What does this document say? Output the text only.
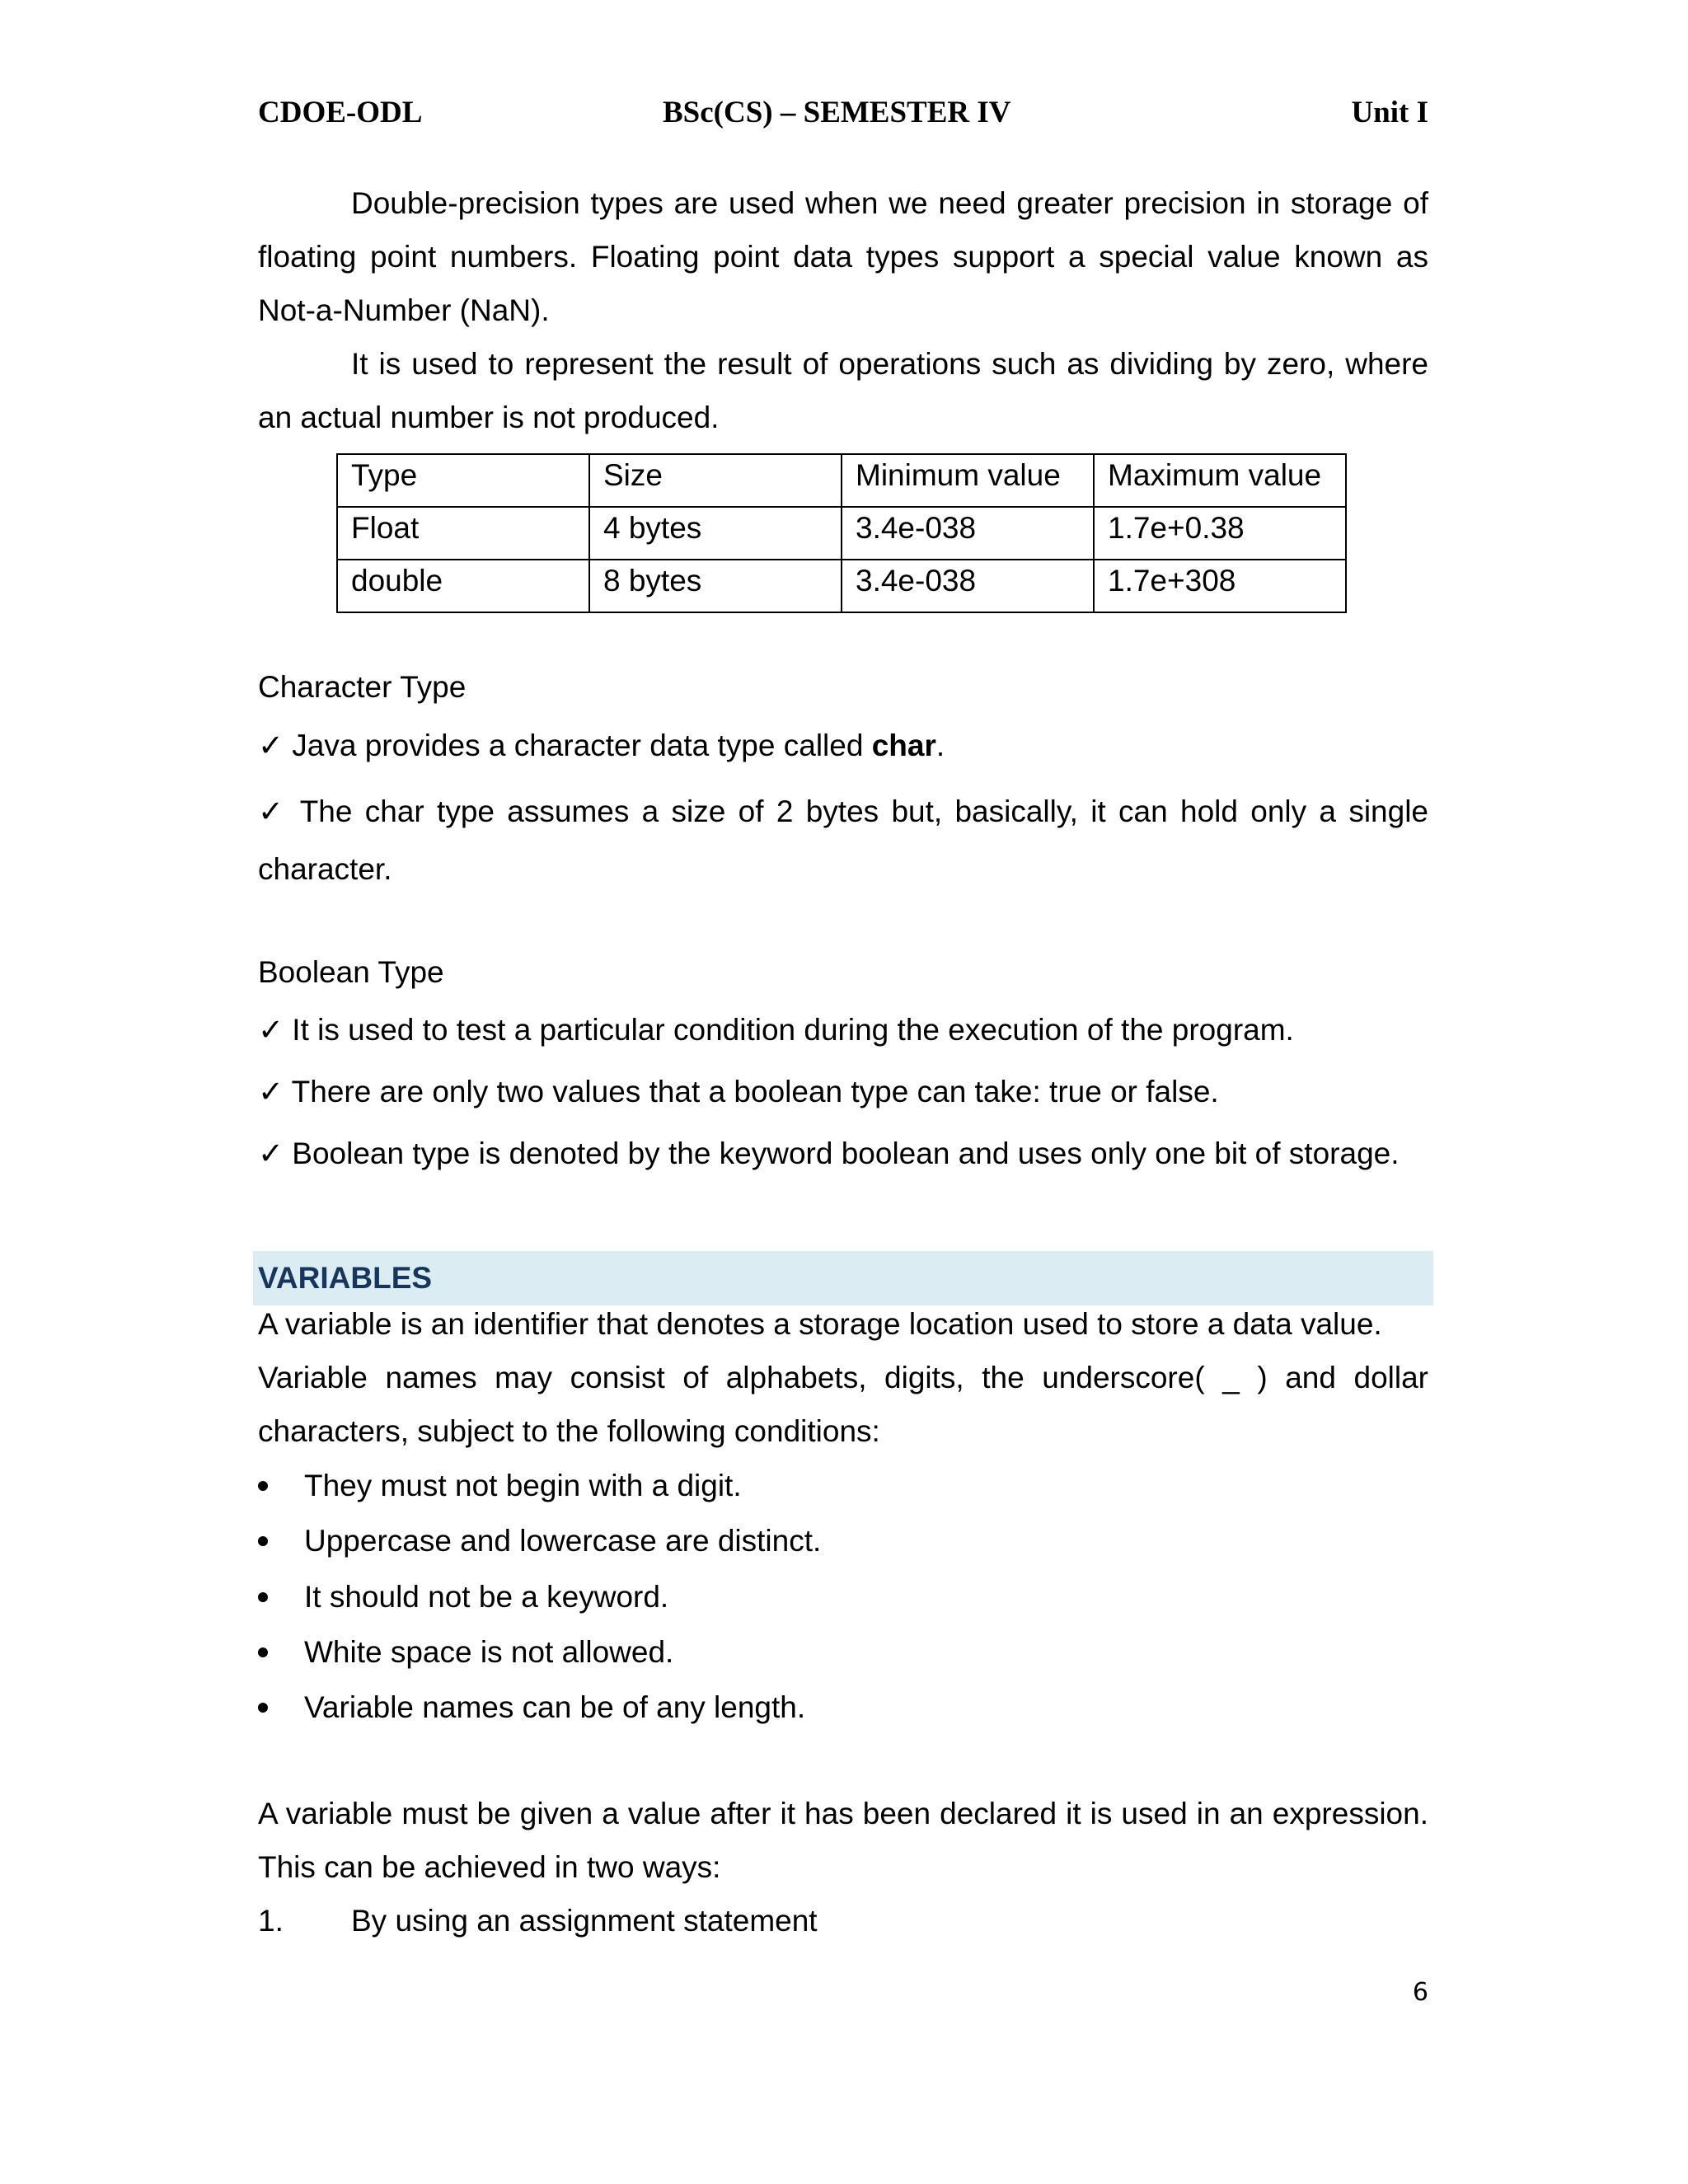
CDOE-ODL	BSc(CS) – SEMESTER IV	Unit I

Double-precision types are used when we need greater precision in storage of floating point numbers. Floating point data types support a special value known as Not-a-Number (NaN).

It is used to represent the result of operations such as dividing by zero, where an actual number is not produced.

Type	Size	Minimum value	Maximum value
Float	4 bytes	3.4e-038	1.7e+0.38
double	8 bytes	3.4e-038	1.7e+308
Character Type
✓ Java provides a character data type called char.
✓ The char type assumes a size of 2 bytes but, basically, it can hold only a single character.
Boolean Type
✓ It is used to test a particular condition during the execution of the program.
✓ There are only two values that a boolean type can take: true or false.
✓ Boolean type is denoted by the keyword boolean and uses only one bit of storage.
VARIABLES
A variable is an identifier that denotes a storage location used to store a data value.

Variable names may consist of alphabets, digits, the underscore( _ ) and dollar characters, subject to the following conditions:

They must not begin with a digit.
Uppercase and lowercase are distinct.
It should not be a keyword.
White space is not allowed.
Variable names can be of any length.

A variable must be given a value after it has been declared it is used in an expression. This can be achieved in two ways:

1. By using an assignment statement
6
